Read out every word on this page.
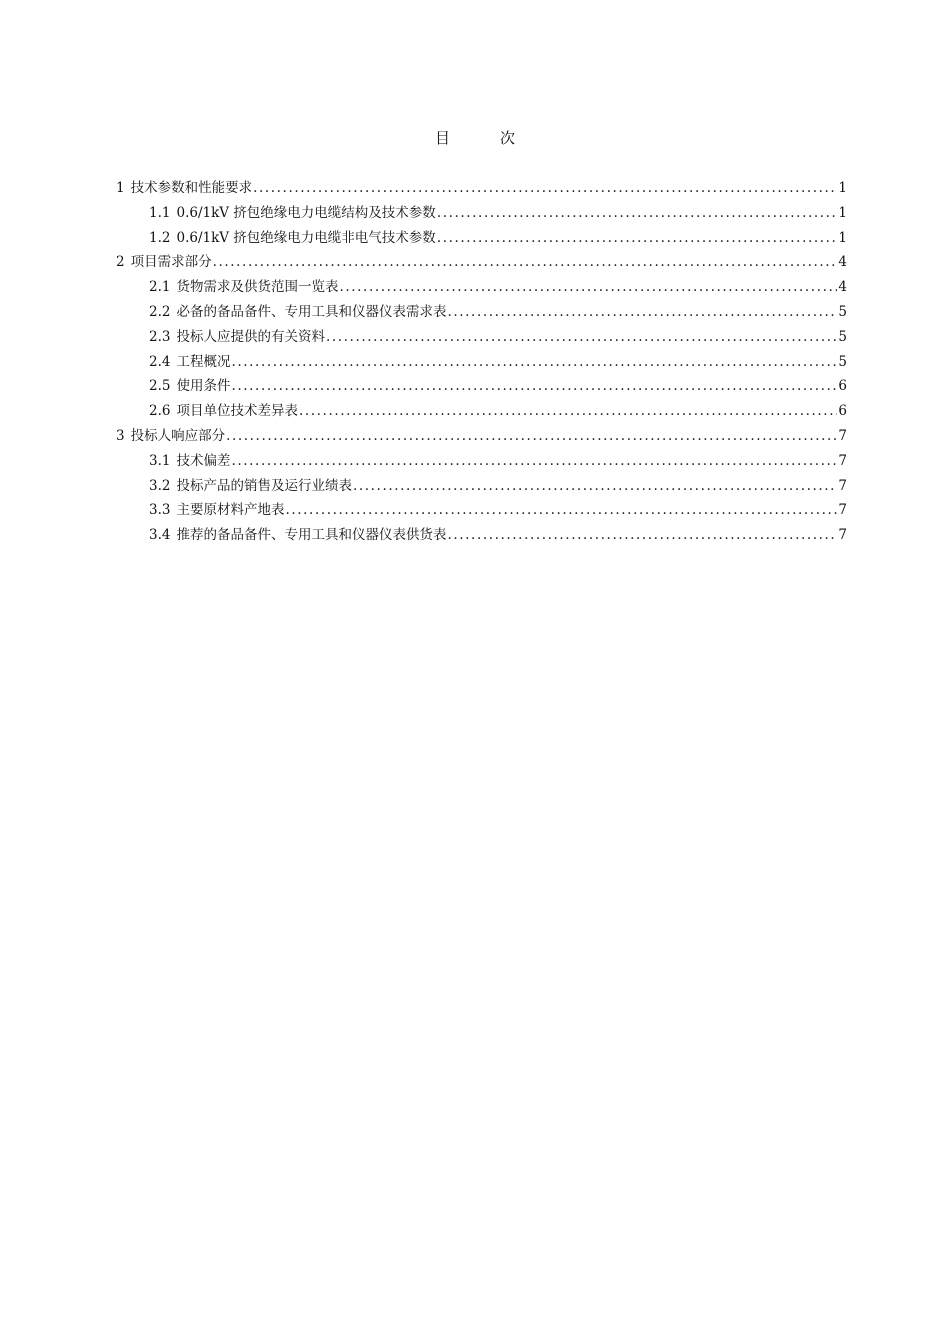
目	次
1 技术参数和性能要求 .....	1
1.1 0.6/1kV 挤包绝缘电力电缆结构及技术参数 .....	1
1.2 0.6/1kV 挤包绝缘电力电缆非电气技术参数 .....	1
2 项目需求部分 .....	4
2.1 货物需求及供货范围一览表 .....	4
2.2 必备的备品备件、专用工具和仪器仪表需求表 .....	5
2.3 投标人应提供的有关资料 .....	5
2.4 工程概况 .....	5
2.5 使用条件 .....	6
2.6 项目单位技术差异表 .....	6
3 投标人响应部分 .....	7
3.1 技术偏差 .....	7
3.2 投标产品的销售及运行业绩表 .....	7
3.3 主要原材料产地表 .....	7
3.4 推荐的备品备件、专用工具和仪器仪表供货表 .....	7
